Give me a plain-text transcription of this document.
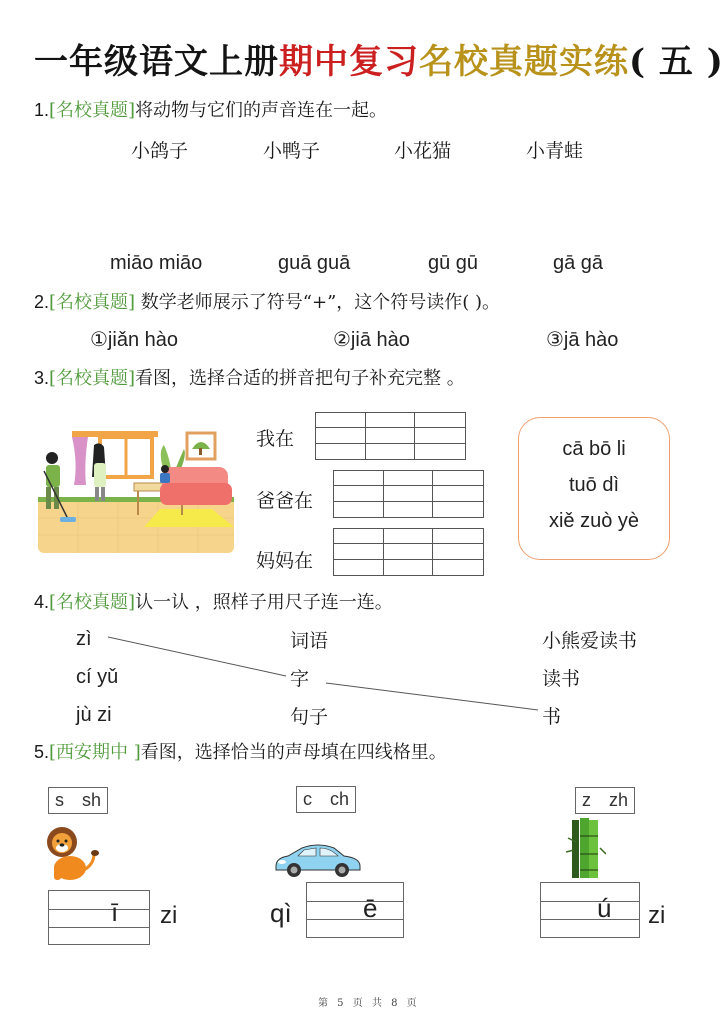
一年级语文上册期中复习名校真题实练( 五 )
1.[名校真题]将动物与它们的声音连在一起。
小鸽子	小鸭子	小花猫	小青蛙
miāo miāo	guā guā	gū gū	gā gā
2.[名校真题] 数学老师展示了符号“+”，这个符号读作( )。
①jiǎn hào	②jiā hào	③jā hào
3.[名校真题]看图，选择合适的拼音把句子补充完整 。
我在
爸爸在
妈妈在
cā bō li
tuō dì
xiě zuò yè
4.[名校真题]认一认 ，照样子用尺子连一连。
zì
cí yǔ
jù zi
词语
字
句子
小熊爱读书
读书
书
5.[西安期中 ]看图，选择恰当的声母填在四线格里。
s sh
ī zi
c ch
qì	ē
z zh
ú zi
第 5 页 共 8 页
